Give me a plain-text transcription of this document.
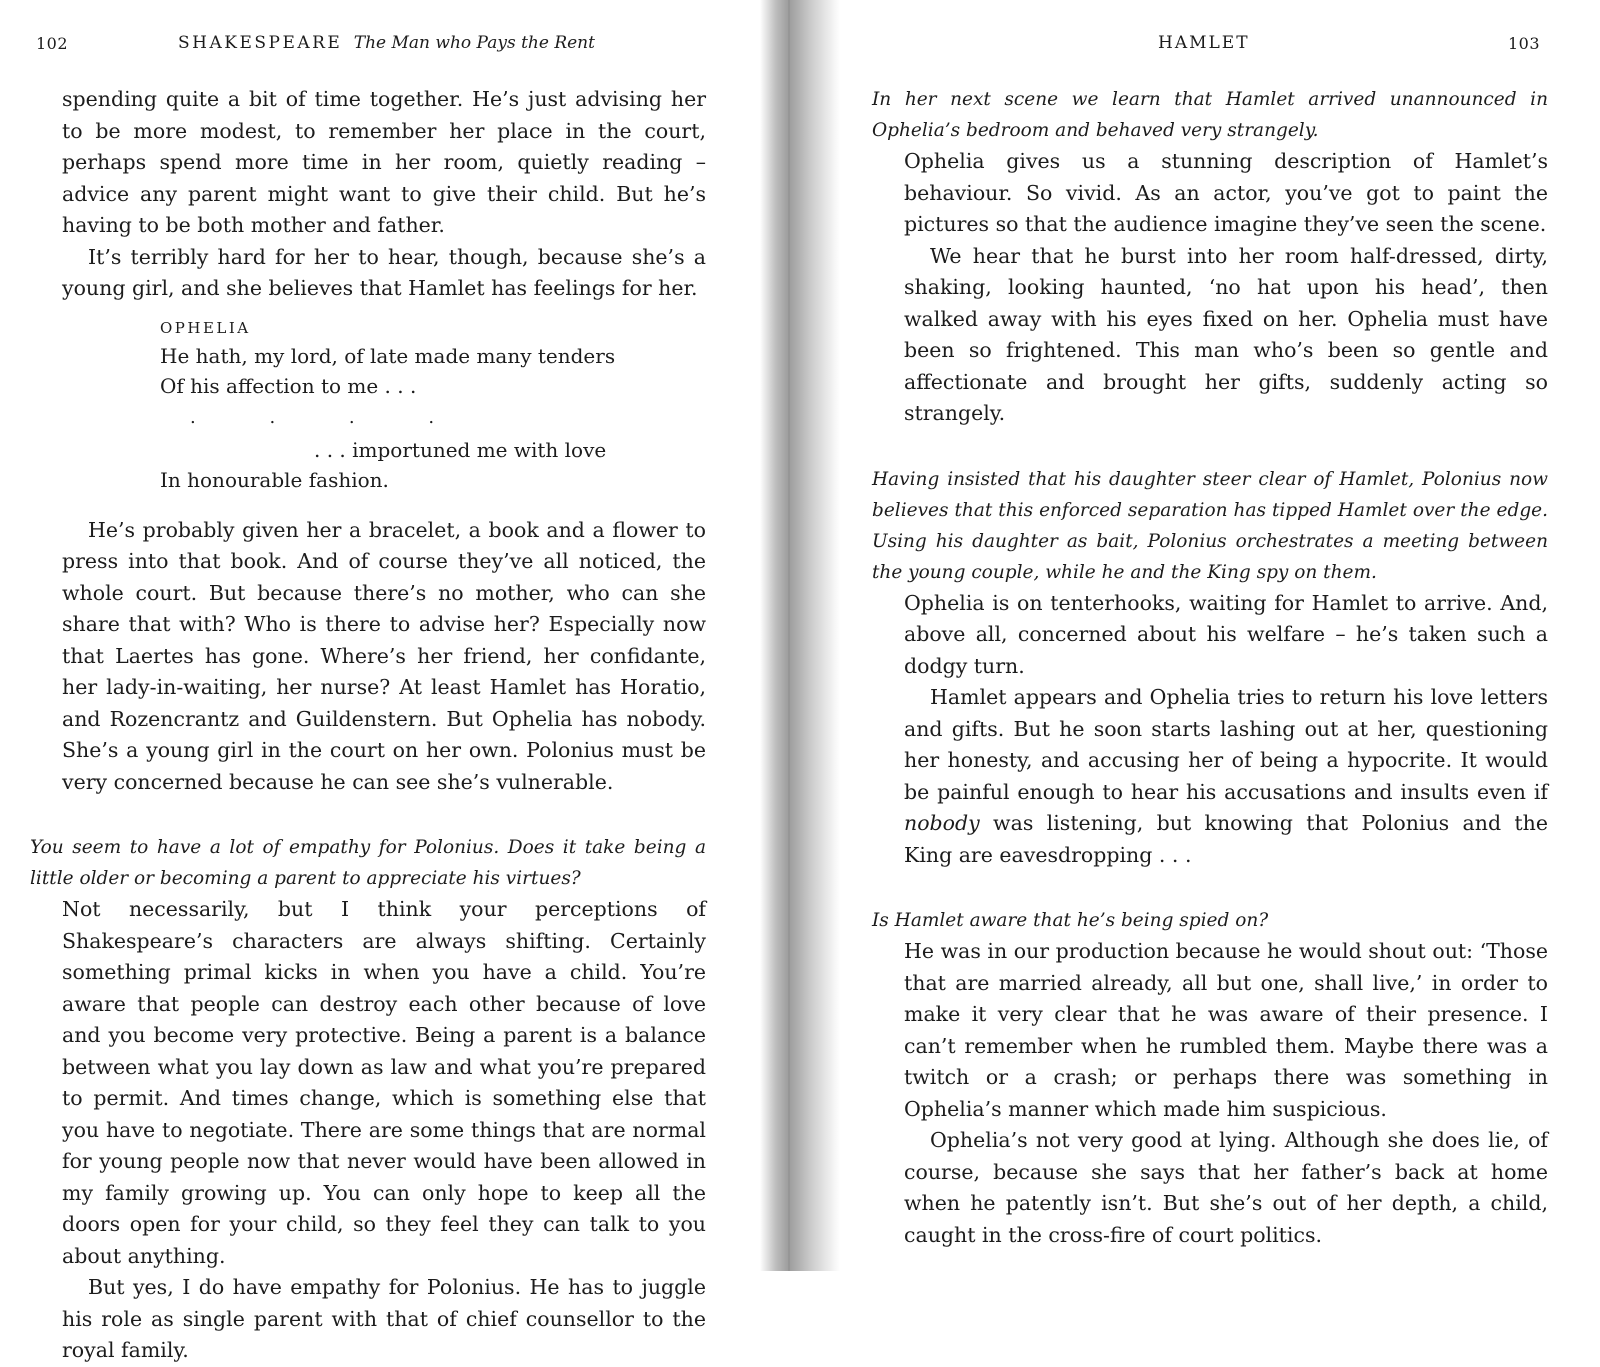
102	SHAKESPEARE The Man who Pays the Rent

spending quite a bit of time together. He’s just advising her to be more modest, to remember her place in the court, perhaps spend more time in her room, quietly reading – advice any parent might want to give their child. But he’s having to be both mother and father.

It’s terribly hard for her to hear, though, because she’s a young girl, and she believes that Hamlet has feelings for her.

OPHELIA
He hath, my lord, of late made many tenders
Of his affection to me . . .
. . . .
. . . importuned me with love
In honourable fashion.

He’s probably given her a bracelet, a book and a flower to press into that book. And of course they’ve all noticed, the whole court. But because there’s no mother, who can she share that with? Who is there to advise her? Especially now that Laertes has gone. Where’s her friend, her confidante, her lady-in-waiting, her nurse? At least Hamlet has Horatio, and Rozencrantz and Guildenstern. But Ophelia has nobody. She’s a young girl in the court on her own. Polonius must be very concerned because he can see she’s vulnerable.

You seem to have a lot of empathy for Polonius. Does it take being a little older or becoming a parent to appreciate his virtues?

Not necessarily, but I think your perceptions of Shakespeare’s characters are always shifting. Certainly something primal kicks in when you have a child. You’re aware that people can destroy each other because of love and you become very protective. Being a parent is a balance between what you lay down as law and what you’re prepared to permit. And times change, which is something else that you have to negotiate. There are some things that are normal for young people now that never would have been allowed in my family growing up. You can only hope to keep all the doors open for your child, so they feel they can talk to you about anything.

But yes, I do have empathy for Polonius. He has to juggle his role as single parent with that of chief counsellor to the royal family.

HAMLET	103

In her next scene we learn that Hamlet arrived unannounced in Ophelia’s bedroom and behaved very strangely.

Ophelia gives us a stunning description of Hamlet’s behaviour. So vivid. As an actor, you’ve got to paint the pictures so that the audience imagine they’ve seen the scene.

We hear that he burst into her room half-dressed, dirty, shaking, looking haunted, ‘no hat upon his head’, then walked away with his eyes fixed on her. Ophelia must have been so frightened. This man who’s been so gentle and affectionate and brought her gifts, suddenly acting so strangely.

Having insisted that his daughter steer clear of Hamlet, Polonius now believes that this enforced separation has tipped Hamlet over the edge. Using his daughter as bait, Polonius orchestrates a meeting between the young couple, while he and the King spy on them.

Ophelia is on tenterhooks, waiting for Hamlet to arrive. And, above all, concerned about his welfare – he’s taken such a dodgy turn.

Hamlet appears and Ophelia tries to return his love letters and gifts. But he soon starts lashing out at her, questioning her honesty, and accusing her of being a hypocrite. It would be painful enough to hear his accusations and insults even if nobody was listening, but knowing that Polonius and the King are eavesdropping . . .

Is Hamlet aware that he’s being spied on?

He was in our production because he would shout out: ‘Those that are married already, all but one, shall live,’ in order to make it very clear that he was aware of their presence. I can’t remember when he rumbled them. Maybe there was a twitch or a crash; or perhaps there was something in Ophelia’s manner which made him suspicious.

Ophelia’s not very good at lying. Although she does lie, of course, because she says that her father’s back at home when he patently isn’t. But she’s out of her depth, a child, caught in the cross-fire of court politics.
